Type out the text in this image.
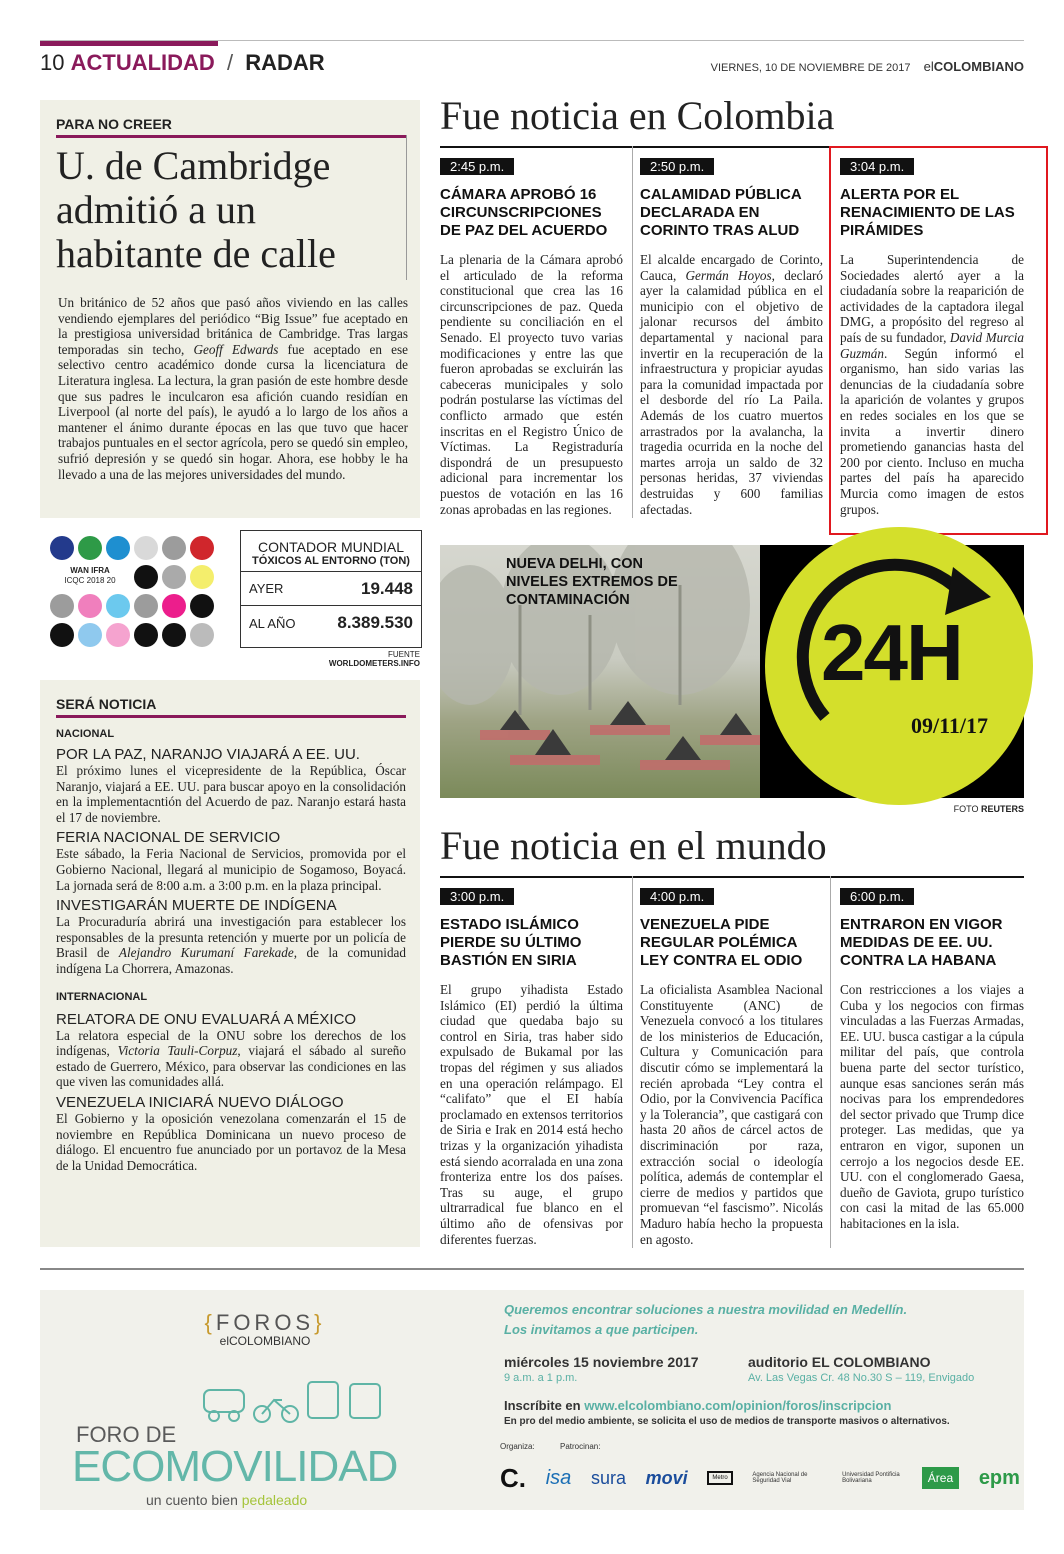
10 ACTUALIDAD / RADAR	VIERNES, 10 DE NOVIEMBRE DE 2017 elCOLOMBIANO
PARA NO CREER
U. de Cambridge admitió a un habitante de calle
Un británico de 52 años que pasó años viviendo en las calles vendiendo ejemplares del periódico “Big Issue” fue aceptado en la prestigiosa universidad británica de Cambridge. Tras largas temporadas sin techo, Geoff Edwards fue aceptado en ese selectivo centro académico donde cursa la licenciatura de Literatura inglesa. La lectura, la gran pasión de este hombre desde que sus padres le inculcaron esa afición cuando residían en Liverpool (al norte del país), le ayudó a lo largo de los años a mantener el ánimo durante épocas en las que tuvo que hacer trabajos puntuales en el sector agrícola, pero se quedó sin empleo, sufrió depresión y se quedó sin hogar. Ahora, ese hobby le ha llevado a una de las mejores universidades del mundo.
WAN IFRA
ICQC 2018 20
CONTADOR MUNDIAL
TÓXICOS AL ENTORNO (TON)
AYER	19.448
AL AÑO 8.389.530
FUENTE WORLDOMETERS.INFO
SERÁ NOTICIA
NACIONAL
POR LA PAZ, NARANJO VIAJARÁ A EE. UU.
El próximo lunes el vicepresidente de la República, Óscar Naranjo, viajará a EE. UU. para buscar apoyo en la consolidación en la implementacntión del Acuerdo de paz. Naranjo estará hasta el 17 de noviembre.
FERIA NACIONAL DE SERVICIO
Este sábado, la Feria Nacional de Servicios, promovida por el Gobierno Nacional, llegará al municipio de Sogamoso, Boyacá. La jornada será de 8:00 a.m. a 3:00 p.m. en la plaza principal.
INVESTIGARÁN MUERTE DE INDÍGENA
La Procuraduría abrirá una investigación para establecer los responsables de la presunta retención y muerte por un policía de Brasil de Alejandro Kurumaní Farekade, de la comunidad indígena La Chorrera, Amazonas.
INTERNACIONAL
RELATORA DE ONU EVALUARÁ A MÉXICO
La relatora especial de la ONU sobre los derechos de los indígenas, Victoria Tauli-Corpuz, viajará el sábado al sureño estado de Guerrero, México, para observar las condiciones en las que viven las comunidades allá.
VENEZUELA INICIARÁ NUEVO DIÁLOGO
El Gobierno y la oposición venezolana comenzarán el 15 de noviembre en República Dominicana un nuevo proceso de diálogo. El encuentro fue anunciado por un portavoz de la Mesa de la Unidad Democrática.
Fue noticia en Colombia
2:45 p.m.
CÁMARA APROBÓ 16 CIRCUNSCRIPCIONES DE PAZ DEL ACUERDO
La plenaria de la Cámara aprobó el articulado de la reforma constitucional que crea las 16 circunscripciones de paz. Queda pendiente su conciliación en el Senado. El proyecto tuvo varias modificaciones y entre las que fueron aprobadas se excluirán las cabeceras municipales y solo podrán postularse las víctimas del conflicto armado que estén inscritas en el Registro Único de Víctimas. La Registraduría dispondrá de un presupuesto adicional para incrementar los puestos de votación en las 16 zonas aprobadas en las regiones.
2:50 p.m.
CALAMIDAD PÚBLICA DECLARADA EN CORINTO TRAS ALUD
El alcalde encargado de Corinto, Cauca, Germán Hoyos, declaró ayer la calamidad pública en el municipio con el objetivo de jalonar recursos del ámbito departamental y nacional para invertir en la recuperación de la infraestructura y propiciar ayudas para la comunidad impactada por el desborde del río La Paila. Además de los cuatro muertos arrastrados por la avalancha, la tragedia ocurrida en la noche del martes arroja un saldo de 32 personas heridas, 37 viviendas destruidas y 600 familias afectadas.
3:04 p.m.
ALERTA POR EL RENACIMIENTO DE LAS PIRÁMIDES
La Superintendencia de Sociedades alertó ayer a la ciudadanía sobre la reaparición de actividades de la captadora ilegal DMG, a propósito del regreso al país de su fundador, David Murcia Guzmán. Según informó el organismo, han sido varias las denuncias de la ciudadanía sobre la aparición de volantes y grupos en redes sociales en los que se invita a invertir dinero prometiendo ganancias hasta del 200 por ciento. Incluso en mucha partes del país ha aparecido Murcia como imagen de estos grupos.
NUEVA DELHI, CON NIVELES EXTREMOS DE CONTAMINACIÓN
24H
09/11/17
FOTO REUTERS
Fue noticia en el mundo
3:00 p.m.
ESTADO ISLÁMICO PIERDE SU ÚLTIMO BASTIÓN EN SIRIA
El grupo yihadista Estado Islámico (EI) perdió la última ciudad que quedaba bajo su control en Siria, tras haber sido expulsado de Bukamal por las tropas del régimen y sus aliados en una operación relámpago. El “califato” que el EI había proclamado en extensos territorios de Siria e Irak en 2014 está hecho trizas y la organización yihadista está siendo acorralada en una zona fronteriza entre los dos países. Tras su auge, el grupo ultrarradical fue blanco en el último año de ofensivas por diferentes fuerzas.
4:00 p.m.
VENEZUELA PIDE REGULAR POLÉMICA LEY CONTRA EL ODIO
La oficialista Asamblea Nacional Constituyente (ANC) de Venezuela convocó a los titulares de los ministerios de Educación, Cultura y Comunicación para discutir cómo se implementará la recién aprobada “Ley contra el Odio, por la Convivencia Pacífica y la Tolerancia”, que castigará con hasta 20 años de cárcel actos de discriminación por raza, extracción social o ideología política, además de contemplar el cierre de medios y partidos que promuevan “el fascismo”. Nicolás Maduro había hecho la propuesta en agosto.
6:00 p.m.
ENTRARON EN VIGOR MEDIDAS DE EE. UU. CONTRA LA HABANA
Con restricciones a los viajes a Cuba y los negocios con firmas vinculadas a las Fuerzas Armadas, EE. UU. busca castigar a la cúpula militar del país, que controla buena parte del sector turístico, aunque esas sanciones serán más nocivas para los emprendedores del sector privado que Trump dice proteger. Las medidas, que ya entraron en vigor, suponen un cerrojo a los negocios desde EE. UU. con el conglomerado Gaesa, dueño de Gaviota, grupo turístico con casi la mitad de las 65.000 habitaciones en la isla.
{FOROS}
elCOLOMBIANO
FORO DE
ECOMOVILIDAD
un cuento bien pedaleado
Queremos encontrar soluciones a nuestra movilidad en Medellín.
Los invitamos a que participen.
miércoles 15 noviembre 2017
9 a.m. a 1 p.m.
auditorio EL COLOMBIANO
Av. Las Vegas Cr. 48 No.30 S – 119, Envigado
Inscríbite en www.elcolombiano.com/opinion/foros/inscripcion
En pro del medio ambiente, se solicita el uso de medios de transporte masivos o alternativos.
Organiza:	Patrocinan:
C. isa sura movi	Metro	Agencia Nacional de Seguridad Vial
Universidad Pontificia Bolivariana	Área	epm
